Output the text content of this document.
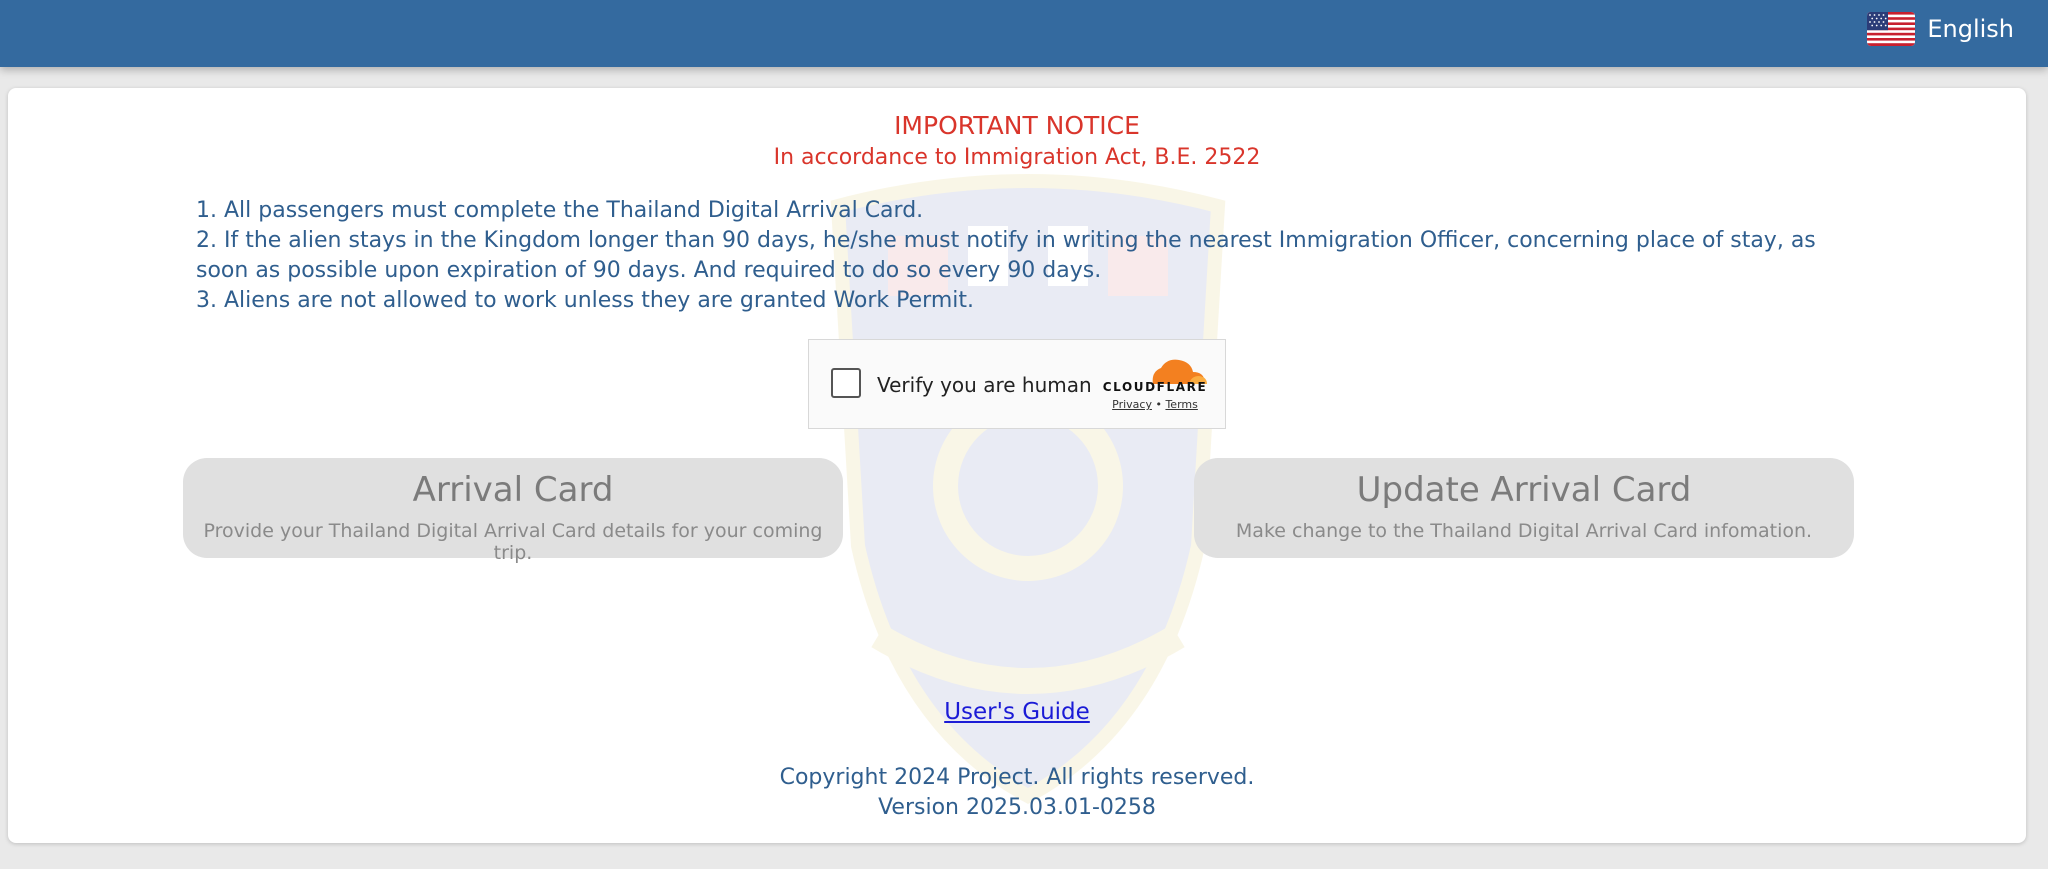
English
IMPORTANT NOTICE
In accordance to Immigration Act, B.E. 2522
1. All passengers must complete the Thailand Digital Arrival Card.
2. If the alien stays in the Kingdom longer than 90 days, he/she must notify in writing the nearest Immigration Officer, concerning place of stay, as soon as possible upon expiration of 90 days. And required to do so every 90 days.
3. Aliens are not allowed to work unless they are granted Work Permit.
Verify you are human CLOUDFLARE
Privacy • Terms
Arrival Card
Provide your Thailand Digital Arrival Card details for your coming trip.
Update Arrival Card
Make change to the Thailand Digital Arrival Card infomation.
User's Guide
Copyright 2024 Project. All rights reserved.
Version 2025.03.01-0258
